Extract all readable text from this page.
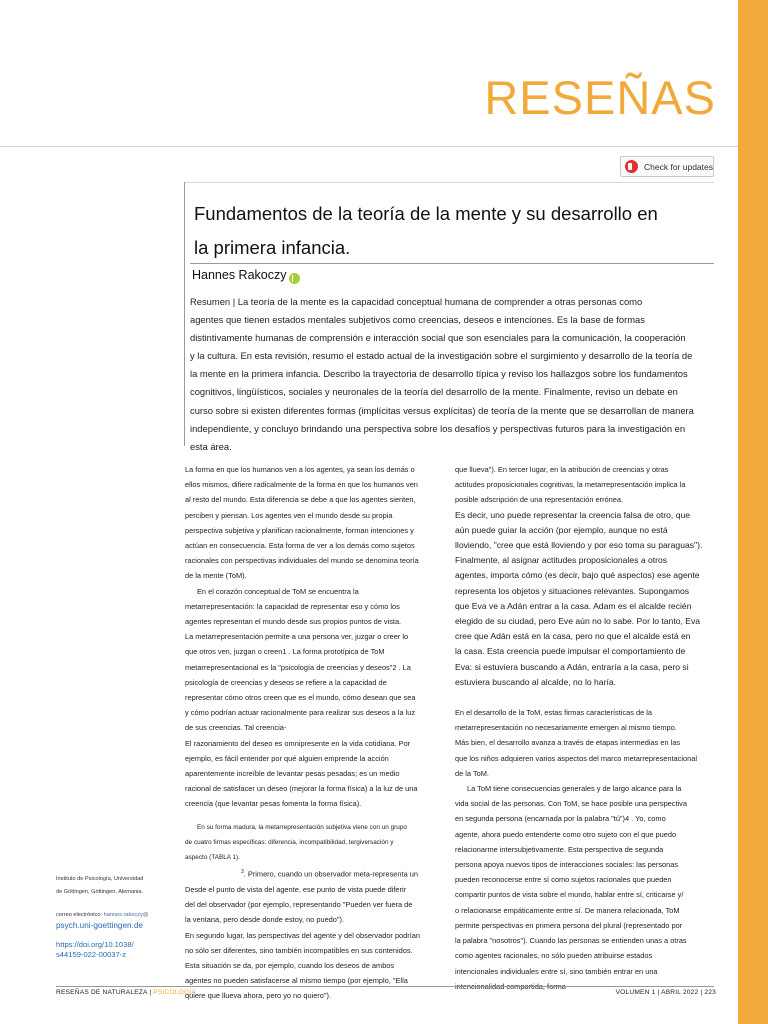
RESEÑAS
Check for updates
Fundamentos de la teoría de la mente y su desarrollo en
la primera infancia.
Hannes Rakoczy
Resumen | La teoría de la mente es la capacidad conceptual humana de comprender a otras personas como
agentes que tienen estados mentales subjetivos como creencias, deseos e intenciones. Es la base de formas
distintivamente humanas de comprensión e interacción social que son esenciales para la comunicación, la cooperación
y la cultura. En esta revisión, resumo el estado actual de la investigación sobre el surgimiento y desarrollo de la teoría de
la mente en la primera infancia. Describo la trayectoria de desarrollo típica y reviso los hallazgos sobre los fundamentos
cognitivos, lingüísticos, sociales y neuronales de la teoría del desarrollo de la mente. Finalmente, reviso un debate en
curso sobre si existen diferentes formas (implícitas versus explícitas) de teoría de la mente que se desarrollan de manera
independiente, y concluyo brindando una perspectiva sobre los desafíos y perspectivas futuros para la investigación en
esta área.
La forma en que los humanos ven a los agentes, ya sean los demás o
ellos mismos, difiere radicalmente de la forma en que los humanos ven
al resto del mundo. Esta diferencia se debe a que los agentes sienten,
perciben y piensan. Los agentes ven el mundo desde su propia
perspectiva subjetiva y planifican racionalmente, forman intenciones y
actúan en consecuencia. Esta forma de ver a los demás como sujetos
racionales con perspectivas individuales del mundo se denomina teoría
de la mente (ToM).
En el corazón conceptual de ToM se encuentra la
metarrepresentación: la capacidad de representar eso y cómo los
agentes representan el mundo desde sus propios puntos de vista.
La metarrepresentación permite a una persona ver, juzgar o creer lo
que otros ven, juzgan o creen1 . La forma prototípica de ToM
metarrepresentacional es la "psicología de creencias y deseos"2 . La
psicología de creencias y deseos se refiere a la capacidad de
representar cómo otros creen que es el mundo, cómo desean que sea
y cómo podrían actuar racionalmente para realizar sus deseos a la luz
de sus creencias. Tal creencia-
El razonamiento del deseo es omnipresente en la vida cotidiana. Por
ejemplo, es fácil entender por qué alguien emprende la acción
aparentemente increíble de levantar pesas pesadas; es un medio
racional de satisfacer un deseo (mejorar la forma física) a la luz de una
creencia (que levantar pesas fomenta la forma física).
En su forma madura, la metarrepresentación subjetiva viene con un grupo
de cuatro firmas específicas: diferencia, incompatibilidad, tergiversación y
aspecto (TABLA 1).
$^3$. Primero, cuando un observador meta-representa un
Desde el punto de vista del agente, ese punto de vista puede diferir
del del observador (por ejemplo, representando "Pueden ver fuera de
la ventana, pero desde donde estoy, no puedo").
En segundo lugar, las perspectivas del agente y del observador podrían
no sólo ser diferentes, sino también incompatibles en sus contenidos.
Esta situación se da, por ejemplo, cuando los deseos de ambos
agentes no pueden satisfacerse al mismo tiempo (por ejemplo, "Ella
quiere que llueva ahora, pero yo no quiero").
que llueva"). En tercer lugar, en la atribución de creencias y otras
actitudes proposicionales cognitivas, la metarrepresentación implica la
posible adscripción de una representación errónea.
Es decir, uno puede representar la creencia falsa de otro, que
aún puede guiar la acción (por ejemplo, aunque no está
lloviendo, "cree que está lloviendo y por eso toma su paraguas").
Finalmente, al asignar actitudes proposicionales a otros
agentes, importa cómo (es decir, bajo qué aspectos) ese agente
representa los objetos y situaciones relevantes. Supongamos
que Eva ve a Adán entrar a la casa. Adam es el alcalde recién
elegido de su ciudad, pero Eve aún no lo sabe. Por lo tanto, Eva
cree que Adán está en la casa, pero no que el alcalde está en
la casa. Esta creencia puede impulsar el comportamiento de
Eva: si estuviera buscando a Adán, entraría a la casa, pero si
estuviera buscando al alcalde, no lo haría.
En el desarrollo de la ToM, estas firmas características de la
metarrepresentación no necesariamente emergen al mismo tiempo.
Más bien, el desarrollo avanza a través de etapas intermedias en las
que los niños adquieren varios aspectos del marco metarrepresentacional
de la ToM.
La ToM tiene consecuencias generales y de largo alcance para la
vida social de las personas. Con ToM, se hace posible una perspectiva
en segunda persona (encarnada por la palabra "tú")4 . Yo, como
agente, ahora puedo entenderte como otro sujeto con el que puedo
relacionarme intersubjetivamente. Esta perspectiva de segunda
persona apoya nuevos tipos de interacciones sociales: las personas
pueden reconocerse entre sí como sujetos racionales que pueden
compartir puntos de vista sobre el mundo, hablar entre sí, criticarse y/
o relacionarse empáticamente entre sí. De manera relacionada, ToM
permite perspectivas en primera persona del plural (representado por
la palabra "nosotros"). Cuando las personas se entienden unas a otras
como agentes racionales, no sólo pueden atribuirse estados
intencionales individuales entre sí, sino también entrar en una
Instituto de Psicología, Universidad
de Göttingen, Göttingen, Alemania.
correo electrónico: hannes.rakoczy@
psych.uni-goettingen.de
https://doi.org/10.1038/
s44159-022-00037-z
RESEÑAS DE NATURALEZA | PSICOLOGÍA	VOLUMEN 1 | ABRIL 2022 | 223
